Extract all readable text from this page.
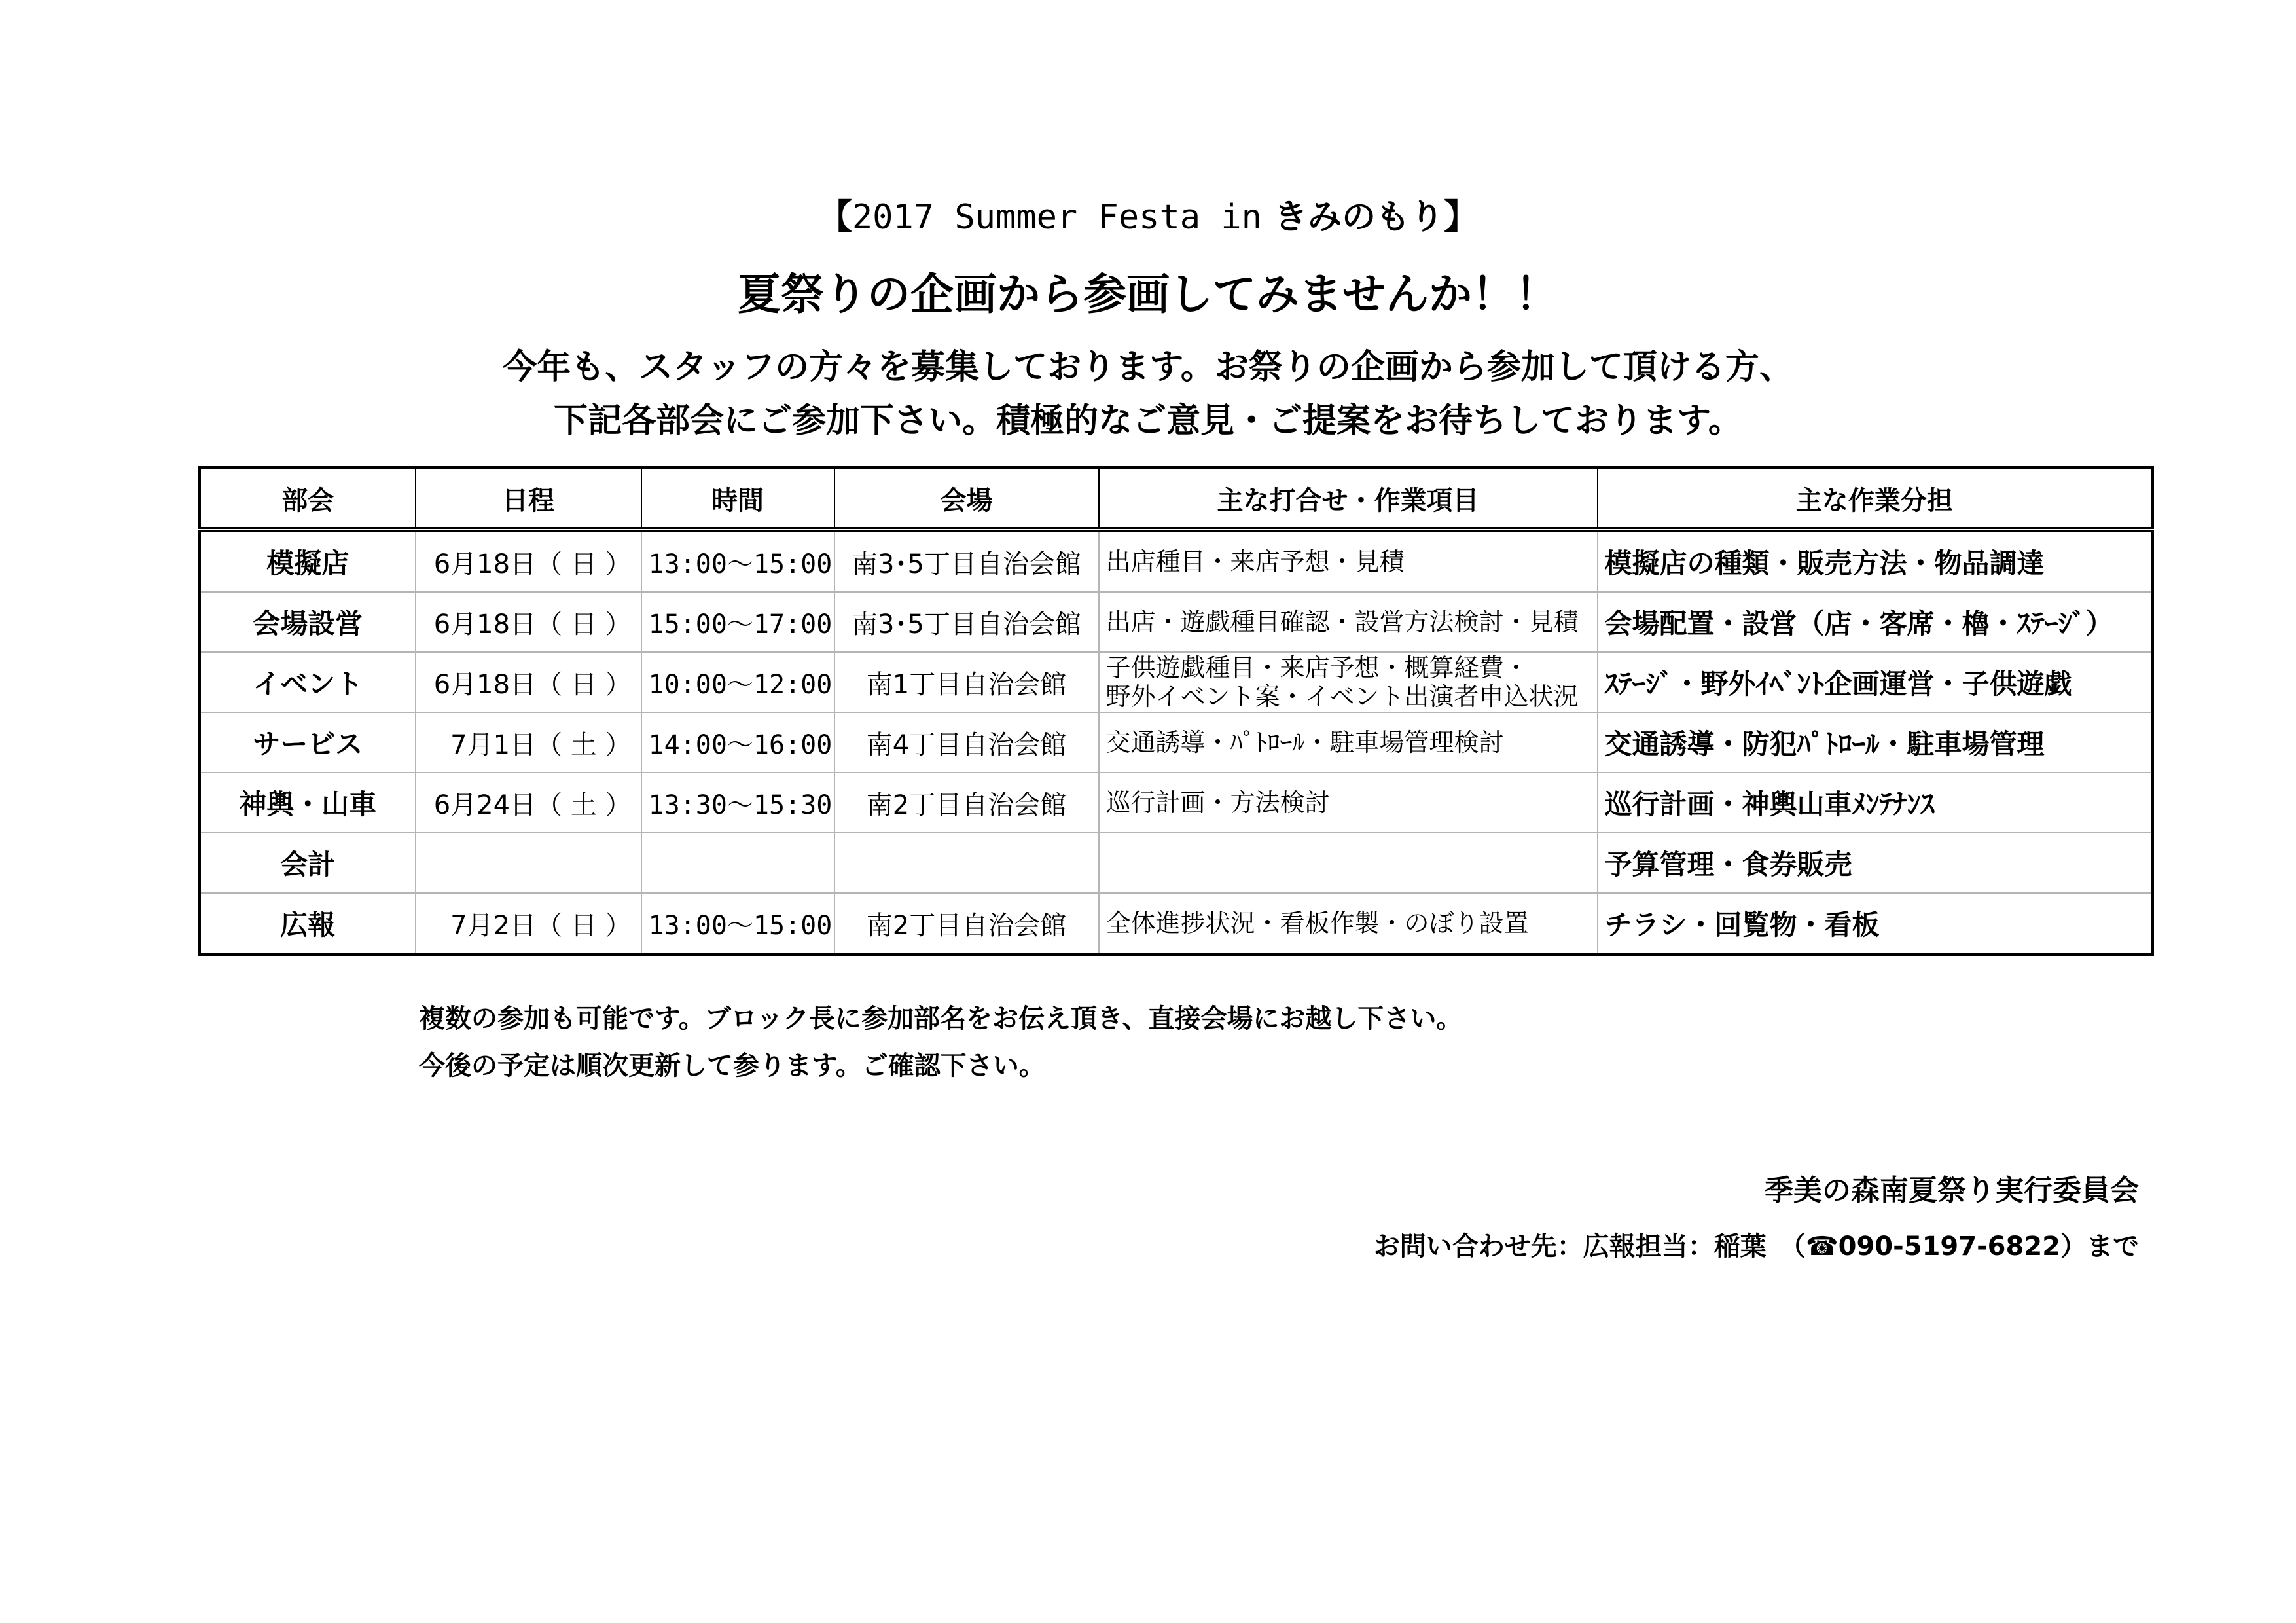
【2017 Summer Festa in きみのもり】
夏祭りの企画から参画してみませんか！！
今年も、スタッフの方々を募集しております。お祭りの企画から参加して頂ける方、
下記各部会にご参加下さい。積極的なご意見・ご提案をお待ちしております。
部会	日程	時間	会場	主な打合せ・作業項目	主な作業分担
模擬店	6月18日（ 日 ）	13:00～15:00	南3･5丁目自治会館	出店種目・来店予想・見積	模擬店の種類・販売方法・物品調達
会場設営	6月18日（ 日 ）	15:00～17:00	南3･5丁目自治会館	出店・遊戯種目確認・設営方法検討・見積	会場配置・設営（店・客席・櫓・ｽﾃｰｼﾞ）
イベント	6月18日（ 日 ）	10:00～12:00	南1丁目自治会館	子供遊戯種目・来店予想・概算経費・
野外イベント案・イベント出演者申込状況	ｽﾃｰｼﾞ・野外ｲﾍﾞﾝﾄ企画運営・子供遊戯
サービス	7月1日（ 土 ）	14:00～16:00	南4丁目自治会館	交通誘導・ﾊﾟﾄﾛｰﾙ・駐車場管理検討	交通誘導・防犯ﾊﾟﾄﾛｰﾙ・駐車場管理
神輿・山車	6月24日（ 土 ）	13:30～15:30	南2丁目自治会館	巡行計画・方法検討	巡行計画・神輿山車ﾒﾝﾃﾅﾝｽ
会計					予算管理・食券販売
広報	7月2日（ 日 ）	13:00～15:00	南2丁目自治会館	全体進捗状況・看板作製・のぼり設置	チラシ・回覧物・看板
複数の参加も可能です。ブロック長に参加部名をお伝え頂き、直接会場にお越し下さい。
今後の予定は順次更新して参ります。ご確認下さい。
季美の森南夏祭り実行委員会
お問い合わせ先：広報担当：稲葉　（☎090-5197-6822）まで
